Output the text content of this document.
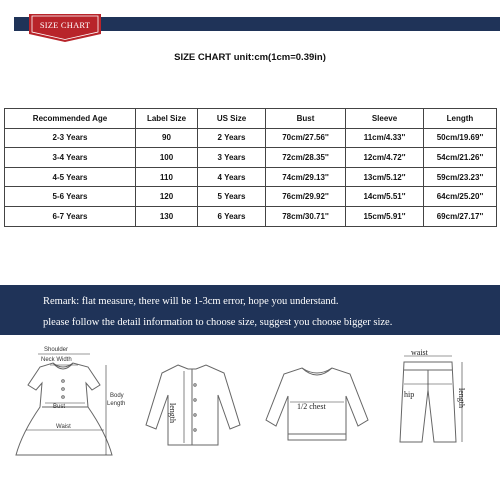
SIZE CHART
SIZE CHART unit:cm(1cm=0.39in)
Recommended Age	Label Size	US Size	Bust	Sleeve	Length
2-3 Years	90	2 Years	70cm/27.56''	11cm/4.33''	50cm/19.69''
3-4 Years	100	3 Years	72cm/28.35''	12cm/4.72''	54cm/21.26''
4-5 Years	110	4 Years	74cm/29.13''	13cm/5.12''	59cm/23.23''
5-6 Years	120	5 Years	76cm/29.92''	14cm/5.51''	64cm/25.20''
6-7 Years	130	6 Years	78cm/30.71''	15cm/5.91''	69cm/27.17''
Remark: flat measure, there will be 1-3cm error, hope you understand.
please follow the detail information to choose size, suggest you choose bigger size.
Shoulder
Neck Width
Body
Length
Bust
Waist
length	1/2 chest
waist
hip	length
